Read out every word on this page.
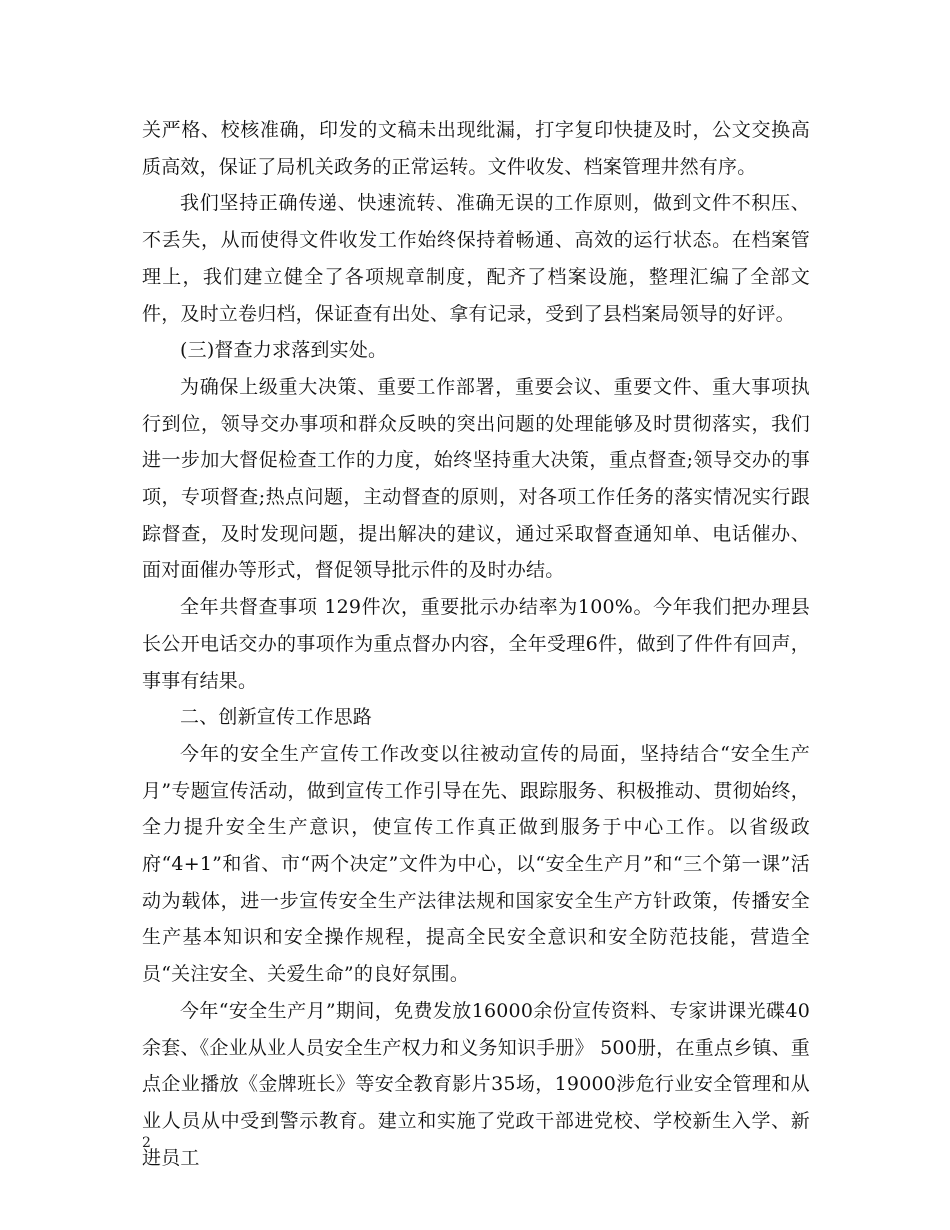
关严格、校核准确，印发的文稿未出现纰漏，打字复印快捷及时，公文交换高质高效，保证了局机关政务的正常运转。文件收发、档案管理井然有序。

我们坚持正确传递、快速流转、准确无误的工作原则，做到文件不积压、不丢失，从而使得文件收发工作始终保持着畅通、高效的运行状态。在档案管理上，我们建立健全了各项规章制度，配齐了档案设施，整理汇编了全部文件，及时立卷归档，保证查有出处、拿有记录，受到了县档案局领导的好评。

(三)督查力求落到实处。

为确保上级重大决策、重要工作部署，重要会议、重要文件、重大事项执行到位，领导交办事项和群众反映的突出问题的处理能够及时贯彻落实，我们进一步加大督促检查工作的力度，始终坚持重大决策，重点督查;领导交办的事项，专项督查;热点问题，主动督查的原则，对各项工作任务的落实情况实行跟踪督查，及时发现问题，提出解决的建议，通过采取督查通知单、电话催办、面对面催办等形式，督促领导批示件的及时办结。

全年共督查事项 129件次，重要批示办结率为100%。今年我们把办理县长公开电话交办的事项作为重点督办内容，全年受理6件，做到了件件有回声，事事有结果。

二、创新宣传工作思路

今年的安全生产宣传工作改变以往被动宣传的局面，坚持结合“安全生产月”专题宣传活动，做到宣传工作引导在先、跟踪服务、积极推动、贯彻始终，全力提升安全生产意识，使宣传工作真正做到服务于中心工作。以省级政府“4+1”和省、市“两个决定”文件为中心，以“安全生产月”和“三个第一课”活动为载体，进一步宣传安全生产法律法规和国家安全生产方针政策，传播安全生产基本知识和安全操作规程，提高全民安全意识和安全防范技能，营造全员“关注安全、关爱生命”的良好氛围。

今年“安全生产月”期间，免费发放16000余份宣传资料、专家讲课光碟40余套、《企业从业人员安全生产权力和义务知识手册》 500册，在重点乡镇、重点企业播放《金牌班长》等安全教育影片35场，19000涉危行业安全管理和从业人员从中受到警示教育。建立和实施了党政干部进党校、学校新生入学、新进员工

2
